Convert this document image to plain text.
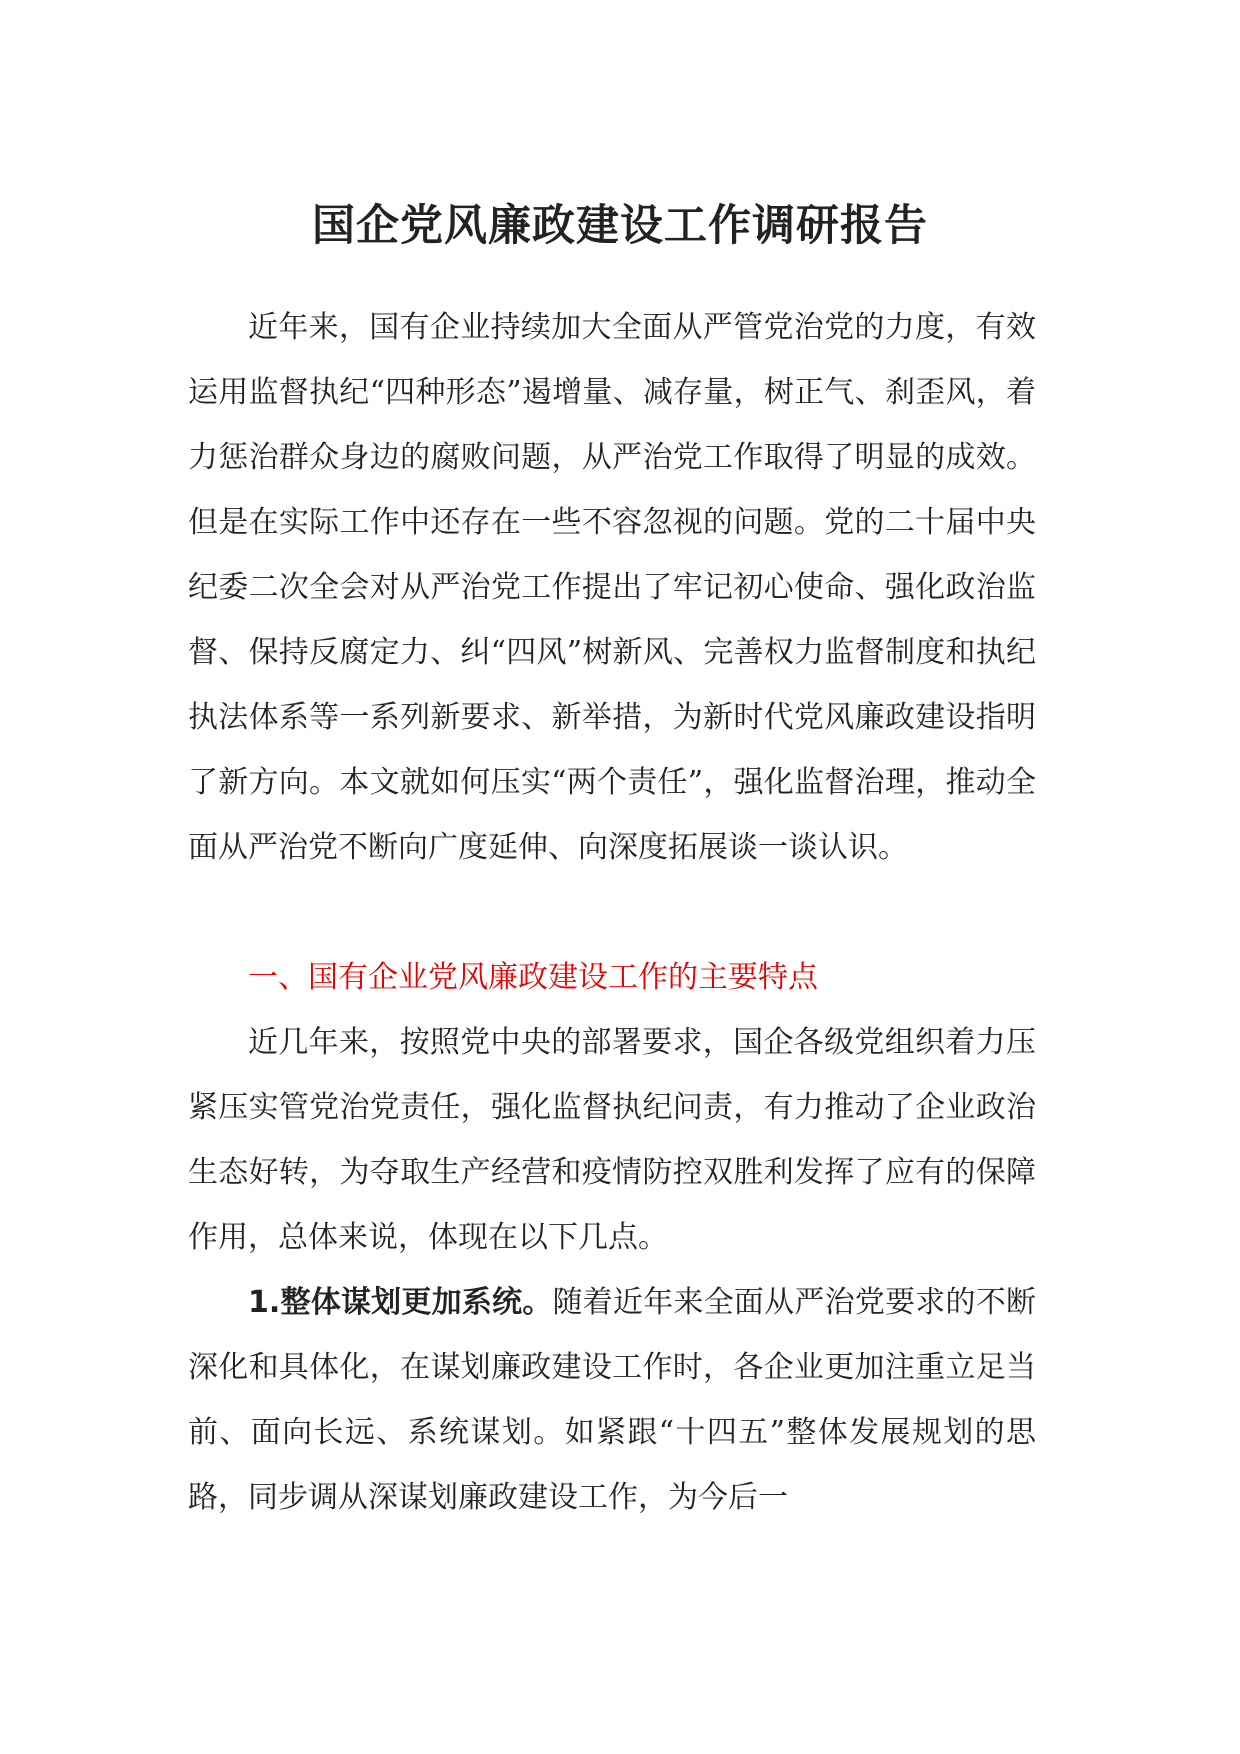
国企党风廉政建设工作调研报告

近年来，国有企业持续加大全面从严管党治党的力度，有效运用监督执纪“四种形态”遏增量、减存量，树正气、刹歪风，着力惩治群众身边的腐败问题，从严治党工作取得了明显的成效。但是在实际工作中还存在一些不容忽视的问题。党的二十届中央纪委二次全会对从严治党工作提出了牢记初心使命、强化政治监督、保持反腐定力、纠“四风”树新风、完善权力监督制度和执纪执法体系等一系列新要求、新举措，为新时代党风廉政建设指明了新方向。本文就如何压实“两个责任”，强化监督治理，推动全面从严治党不断向广度延伸、向深度拓展谈一谈认识。

一、国有企业党风廉政建设工作的主要特点

近几年来，按照党中央的部署要求，国企各级党组织着力压紧压实管党治党责任，强化监督执纪问责，有力推动了企业政治生态好转，为夺取生产经营和疫情防控双胜利发挥了应有的保障作用，总体来说，体现在以下几点。

1.整体谋划更加系统。随着近年来全面从严治党要求的不断深化和具体化，在谋划廉政建设工作时，各企业更加注重立足当前、面向长远、系统谋划。如紧跟“十四五”整体发展规划的思路，同步调从深谋划廉政建设工作，为今后一
